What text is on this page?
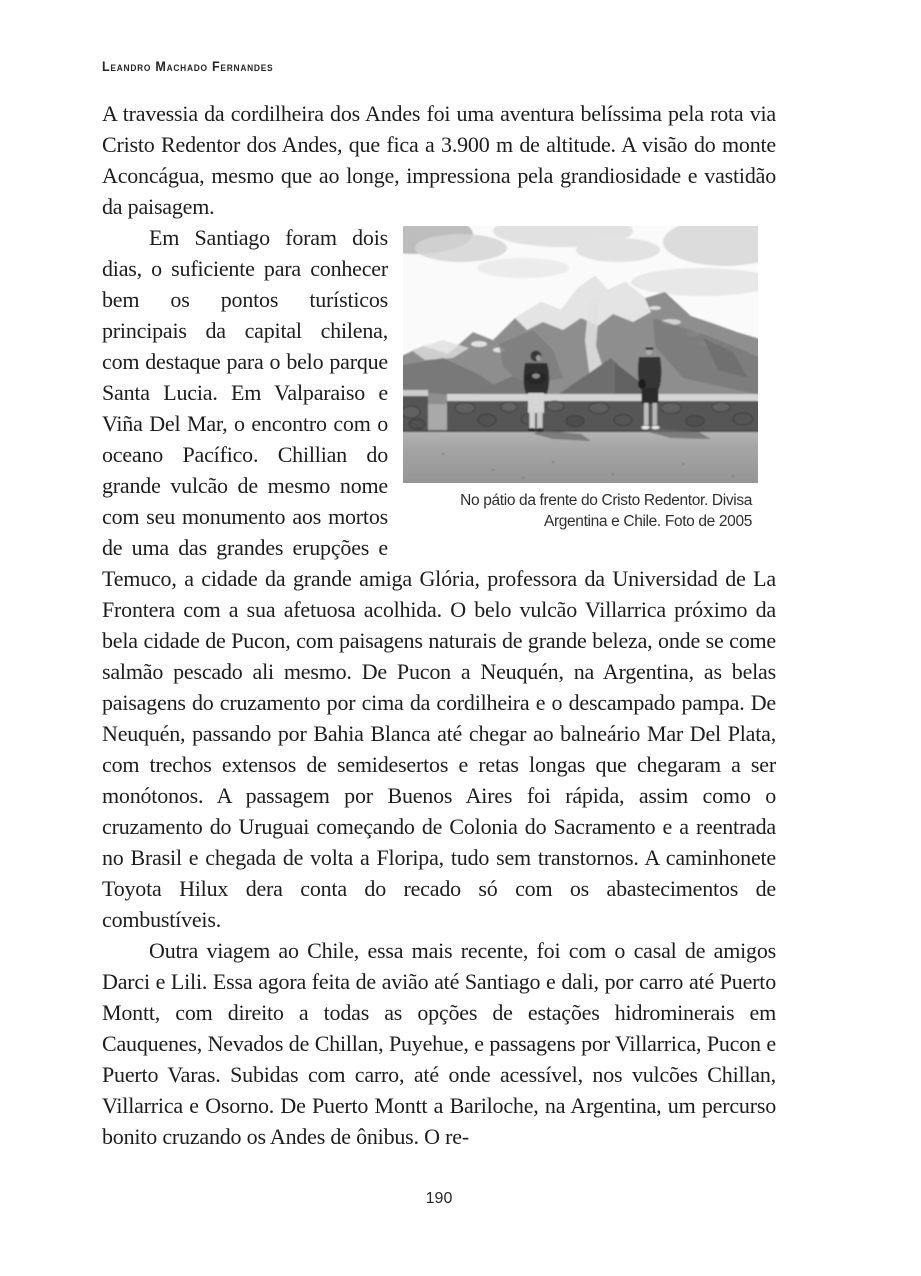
Leandro Machado Fernandes

A travessia da cordilheira dos Andes foi uma aventura belíssima pela rota via Cristo Redentor dos Andes, que fica a 3.900 m de altitude. A visão do monte Aconcágua, mesmo que ao longe, impressiona pela grandiosidade e vastidão da paisagem.

No pátio da frente do Cristo Redentor. Divisa
Argentina e Chile. Foto de 2005
Em Santiago foram dois dias, o suficiente para conhecer bem os pontos turísticos principais da capital chilena, com destaque para o belo parque Santa Lucia. Em Valparaiso e Viña Del Mar, o encontro com o oceano Pacífico. Chillian do grande vulcão de mesmo nome com seu monumento aos mortos de uma das grandes erupções e Temuco, a cidade da grande amiga Glória, professora da Universidad de La Frontera com a sua afetuosa acolhida. O belo vulcão Villarrica próximo da bela cidade de Pucon, com paisagens naturais de grande beleza, onde se come salmão pescado ali mesmo. De Pucon a Neuquén, na Argentina, as belas paisagens do cruzamento por cima da cordilheira e o descampado pampa. De Neuquén, passando por Bahia Blanca até chegar ao balneário Mar Del Plata, com trechos extensos de semidesertos e retas longas que chegaram a ser monótonos. A passagem por Buenos Aires foi rápida, assim como o cruzamento do Uruguai começando de Colonia do Sacramento e a reentrada no Brasil e chegada de volta a Floripa, tudo sem transtornos. A caminhonete Toyota Hilux dera conta do recado só com os abastecimentos de combustíveis.

Outra viagem ao Chile, essa mais recente, foi com o casal de amigos Darci e Lili. Essa agora feita de avião até Santiago e dali, por carro até Puerto Montt, com direito a todas as opções de estações hidrominerais em Cauquenes, Nevados de Chillan, Puyehue, e passagens por Villarrica, Pucon e Puerto Varas. Subidas com carro, até onde acessível, nos vulcões Chillan, Villarrica e Osorno. De Puerto Montt a Bariloche, na Argentina, um percurso bonito cruzando os Andes de ônibus. O re-

190
